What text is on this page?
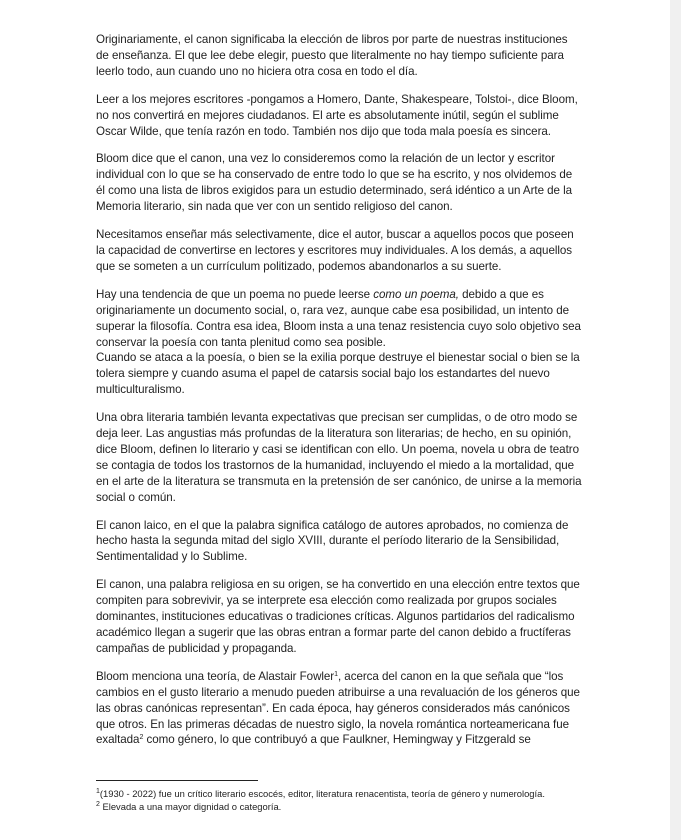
Originariamente, el canon significaba la elección de libros por parte de nuestras instituciones de enseñanza. El que lee debe elegir, puesto que literalmente no hay tiempo suficiente para leerlo todo, aun cuando uno no hiciera otra cosa en todo el día.

Leer a los mejores escritores -pongamos a Homero, Dante, Shakespeare, Tolstoi-, dice Bloom, no nos convertirá en mejores ciudadanos. El arte es absolutamente inútil, según el sublime Oscar Wilde, que tenía razón en todo. También nos dijo que toda mala poesía es sincera.

Bloom dice que el canon, una vez lo consideremos como la relación de un lector y escritor individual con lo que se ha conservado de entre todo lo que se ha escrito, y nos olvidemos de él como una lista de libros exigidos para un estudio determinado, será idéntico a un Arte de la Memoria literario, sin nada que ver con un sentido religioso del canon.

Necesitamos enseñar más selectivamente, dice el autor, buscar a aquellos pocos que poseen la capacidad de convertirse en lectores y escritores muy individuales. A los demás, a aquellos que se someten a un currículum politizado, podemos abandonarlos a su suerte.

Hay una tendencia de que un poema no puede leerse como un poema, debido a que es originariamente un documento social, o, rara vez, aunque cabe esa posibilidad, un intento de superar la filosofía. Contra esa idea, Bloom insta a una tenaz resistencia cuyo solo objetivo sea conservar la poesía con tanta plenitud como sea posible.
Cuando se ataca a la poesía, o bien se la exilia porque destruye el bienestar social o bien se la tolera siempre y cuando asuma el papel de catarsis social bajo los estandartes del nuevo multiculturalismo.

Una obra literaria también levanta expectativas que precisan ser cumplidas, o de otro modo se deja leer. Las angustias más profundas de la literatura son literarias; de hecho, en su opinión, dice Bloom, definen lo literario y casi se identifican con ello. Un poema, novela u obra de teatro se contagia de todos los trastornos de la humanidad, incluyendo el miedo a la mortalidad, que en el arte de la literatura se transmuta en la pretensión de ser canónico, de unirse a la memoria social o común.

El canon laico, en el que la palabra significa catálogo de autores aprobados, no comienza de hecho hasta la segunda mitad del siglo XVIII, durante el período literario de la Sensibilidad, Sentimentalidad y lo Sublime.

El canon, una palabra religiosa en su origen, se ha convertido en una elección entre textos que compiten para sobrevivir, ya se interprete esa elección como realizada por grupos sociales dominantes, instituciones educativas o tradiciones críticas. Algunos partidarios del radicalismo académico llegan a sugerir que las obras entran a formar parte del canon debido a fructíferas campañas de publicidad y propaganda.

Bloom menciona una teoría, de Alastair Fowler$^1$, acerca del canon en la que señala que “los cambios en el gusto literario a menudo pueden atribuirse a una revaluación de los géneros que las obras canónicas representan”. En cada época, hay géneros considerados más canónicos que otros. En las primeras décadas de nuestro siglo, la novela romántica norteamericana fue exaltada$^2$ como género, lo que contribuyó a que Faulkner, Hemingway y Fitzgerald se

$^1$(1930 - 2022) fue un crítico literario escocés, editor, literatura renacentista, teoría de género y numerología.
$^2$ Elevada a una mayor dignidad o categoría.
